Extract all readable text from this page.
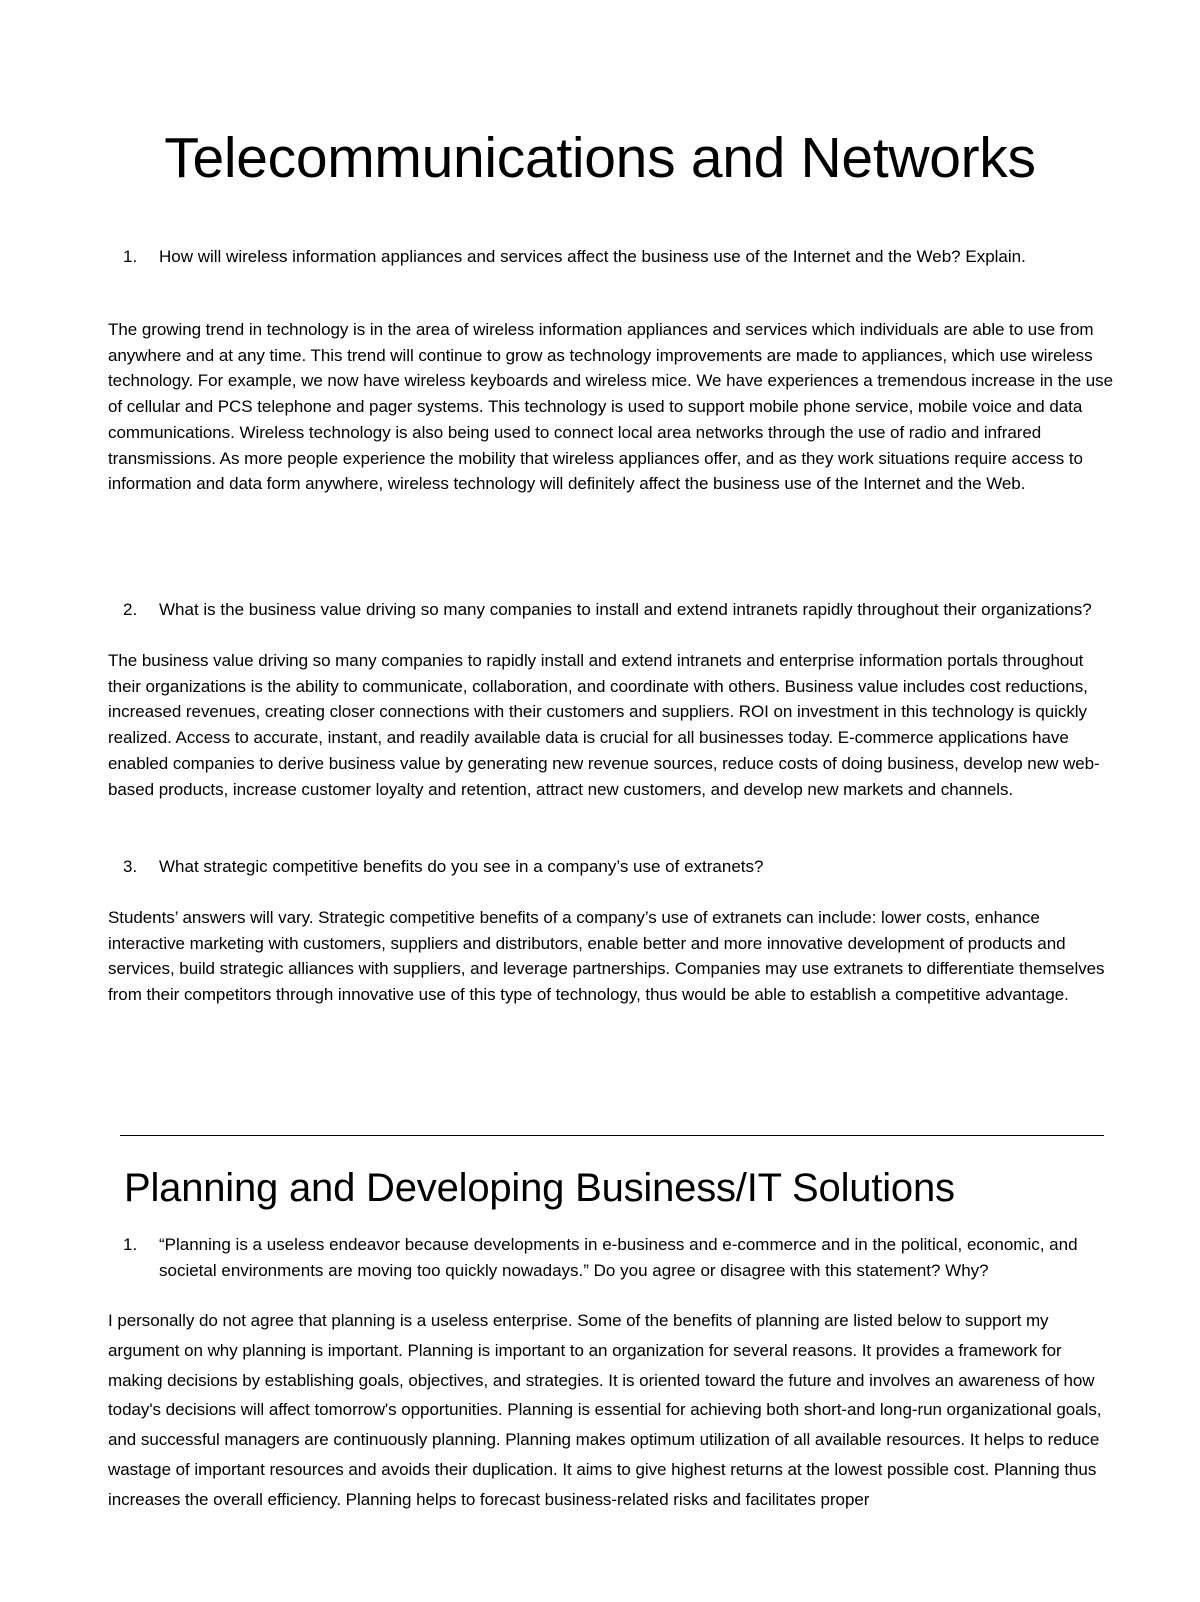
Telecommunications and Networks
1.	How will wireless information appliances and services affect the business use of the Internet and the Web? Explain.

The growing trend in technology is in the area of wireless information appliances and services which individuals are able to use from anywhere and at any time. This trend will continue to grow as technology improvements are made to appliances, which use wireless technology. For example, we now have wireless keyboards and wireless mice. We have experiences a tremendous increase in the use of cellular and PCS telephone and pager systems. This technology is used to support mobile phone service, mobile voice and data communications. Wireless technology is also being used to connect local area networks through the use of radio and infrared transmissions. As more people experience the mobility that wireless appliances offer, and as they work situations require access to information and data form anywhere, wireless technology will definitely affect the business use of the Internet and the Web.

2.	What is the business value driving so many companies to install and extend intranets rapidly throughout their organizations?

The business value driving so many companies to rapidly install and extend intranets and enterprise information portals throughout their organizations is the ability to communicate, collaboration, and coordinate with others. Business value includes cost reductions, increased revenues, creating closer connections with their customers and suppliers. ROI on investment in this technology is quickly realized. Access to accurate, instant, and readily available data is crucial for all businesses today. E-commerce applications have enabled companies to derive business value by generating new revenue sources, reduce costs of doing business, develop new web-based products, increase customer loyalty and retention, attract new customers, and develop new markets and channels.

3.	What strategic competitive benefits do you see in a company’s use of extranets?

Students’ answers will vary. Strategic competitive benefits of a company’s use of extranets can include: lower costs, enhance interactive marketing with customers, suppliers and distributors, enable better and more innovative development of products and services, build strategic alliances with suppliers, and leverage partnerships. Companies may use extranets to differentiate themselves from their competitors through innovative use of this type of technology, thus would be able to establish a competitive advantage.

Planning and Developing Business/IT Solutions
1.	“Planning is a useless endeavor because developments in e-business and e-commerce and in the political, economic, and societal environments are moving too quickly nowadays.” Do you agree or disagree with this statement? Why?

I personally do not agree that planning is a useless enterprise. Some of the benefits of planning are listed below to support my argument on why planning is important. Planning is important to an organization for several reasons. It provides a framework for making decisions by establishing goals, objectives, and strategies. It is oriented toward the future and involves an awareness of how today's decisions will affect tomorrow's opportunities. Planning is essential for achieving both short-and long-run organizational goals, and successful managers are continuously planning. Planning makes optimum utilization of all available resources. It helps to reduce wastage of important resources and avoids their duplication. It aims to give highest returns at the lowest possible cost. Planning thus increases the overall efficiency. Planning helps to forecast business-related risks and facilitates proper
